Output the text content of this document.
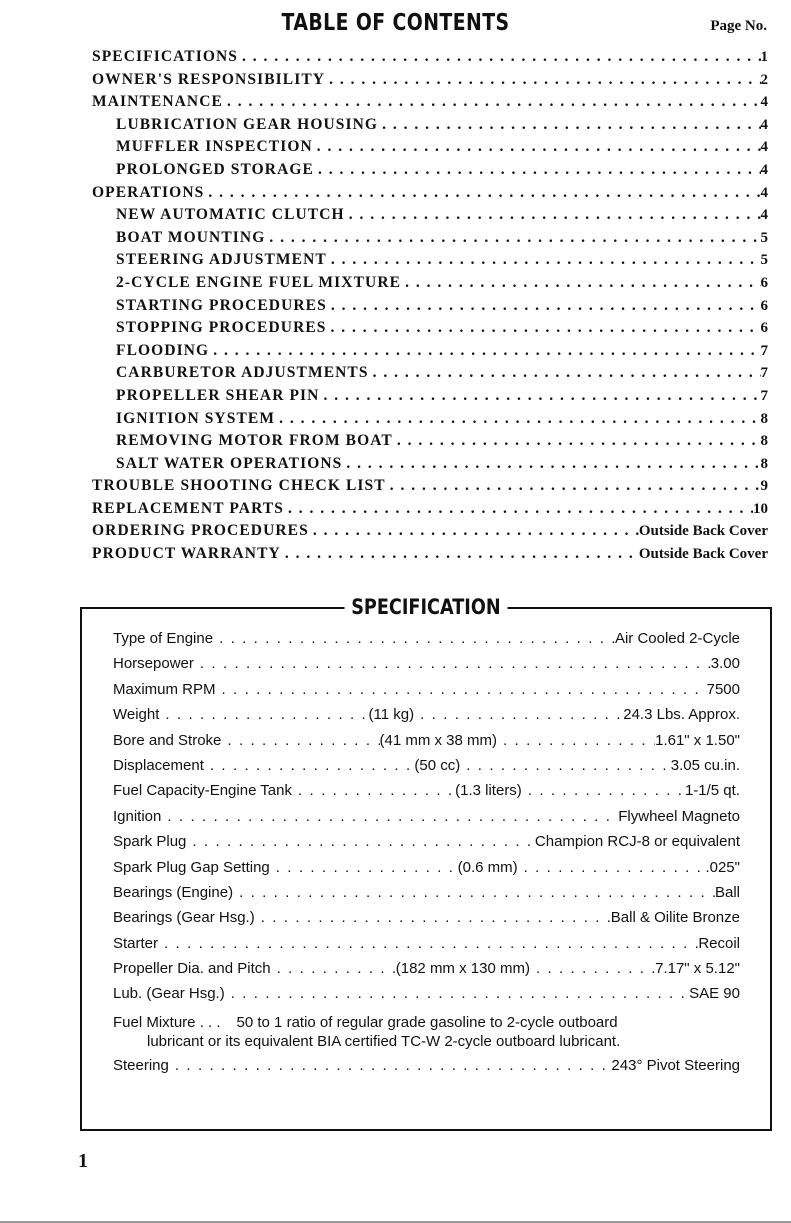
TABLE OF CONTENTS	Page No.
SPECIFICATIONS . . .	1
OWNER'S RESPONSIBILITY . . .	2
MAINTENANCE . . .	4
LUBRICATION GEAR HOUSING . . .	4
MUFFLER INSPECTION . . .	4
PROLONGED STORAGE . . .	4
OPERATIONS . . .	4
NEW AUTOMATIC CLUTCH . . .	4
BOAT MOUNTING . . .	5
STEERING ADJUSTMENT . . .	5
2-CYCLE ENGINE FUEL MIXTURE . . .	6
STARTING PROCEDURES . . .	6
STOPPING PROCEDURES . . .	6
FLOODING . . .	7
CARBURETOR ADJUSTMENTS . . .	7
PROPELLER SHEAR PIN . . .	7
IGNITION SYSTEM . . .	8
REMOVING MOTOR FROM BOAT . . .	8
SALT WATER OPERATIONS . . .	8
TROUBLE SHOOTING CHECK LIST . . .	9
REPLACEMENT PARTS . . .	10
ORDERING PROCEDURES . . .	Outside Back Cover
PRODUCT WARRANTY . . .	Outside Back Cover
SPECIFICATION
Type of Engine . . .	Air Cooled 2-Cycle
Horsepower . . .	3.00
Maximum RPM . . .	7500
Weight . . .	(11 kg) . . .	24.3 Lbs. Approx.
Bore and Stroke . . .	(41 mm x 38 mm) . . .	1.61" x 1.50"
Displacement . . .	(50 cc) . . .	3.05 cu.in.
Fuel Capacity-Engine Tank . . .	(1.3 liters) . . .	1-1/5 qt.
Ignition . . .	Flywheel Magneto
Spark Plug . . .	Champion RCJ-8 or equivalent
Spark Plug Gap Setting . . .	(0.6 mm) . . .	.025"
Bearings (Engine) . . .	Ball
Bearings (Gear Hsg.) . . .	Ball & Oilite Bronze
Starter . . .	Recoil
Propeller Dia. and Pitch . . .	(182 mm x 130 mm) . . .	7.17" x 5.12"
Lub. (Gear Hsg.) . . .	SAE 90
Fuel Mixture . . . 50 to 1 ratio of regular grade gasoline to 2-cycle outboard
lubricant or its equivalent BIA certified TC-W 2-cycle outboard lubricant.
Steering . . .	243° Pivot Steering
1
